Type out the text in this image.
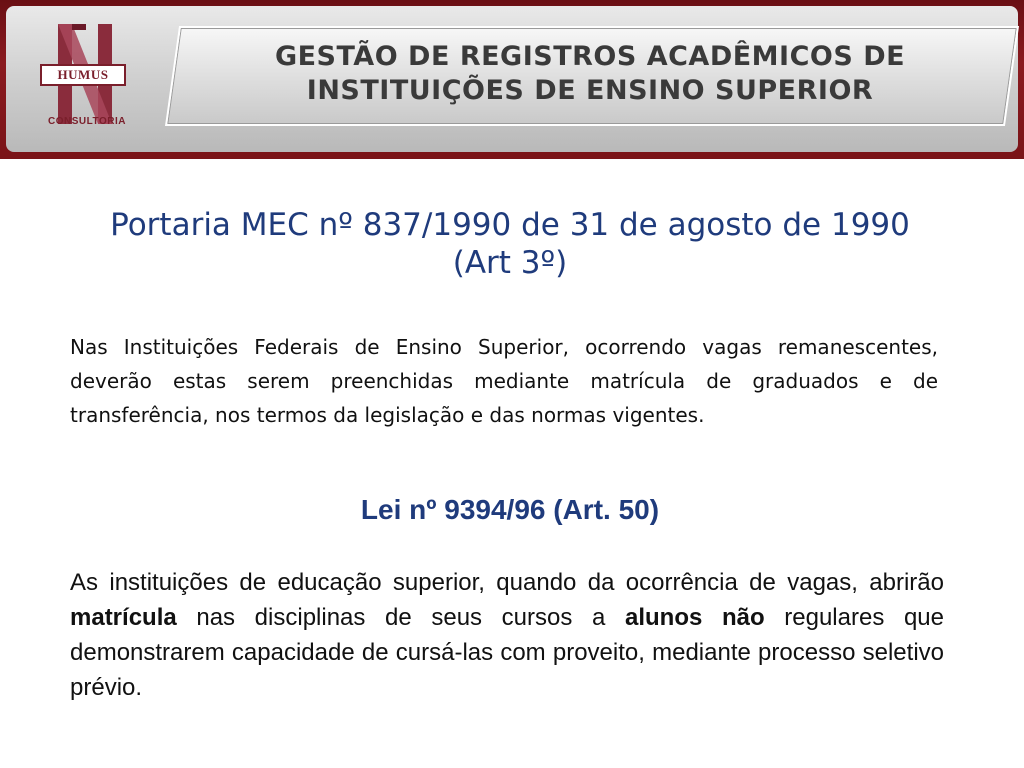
HUMUS
CONSULTORIA
GESTÃO DE REGISTROS ACADÊMICOS DE
INSTITUIÇÕES DE ENSINO SUPERIOR
Portaria MEC nº 837/1990 de 31 de agosto de 1990
(Art 3º)
Nas Instituições Federais de Ensino Superior, ocorrendo vagas remanescentes, deverão estas serem preenchidas mediante matrícula de graduados e de transferência, nos termos da legislação e das normas vigentes.
Lei nº 9394/96 (Art. 50)
As instituições de educação superior, quando da ocorrência de vagas, abrirão matrícula nas disciplinas de seus cursos a alunos não regulares que demonstrarem capacidade de cursá-las com proveito, mediante processo seletivo prévio.
